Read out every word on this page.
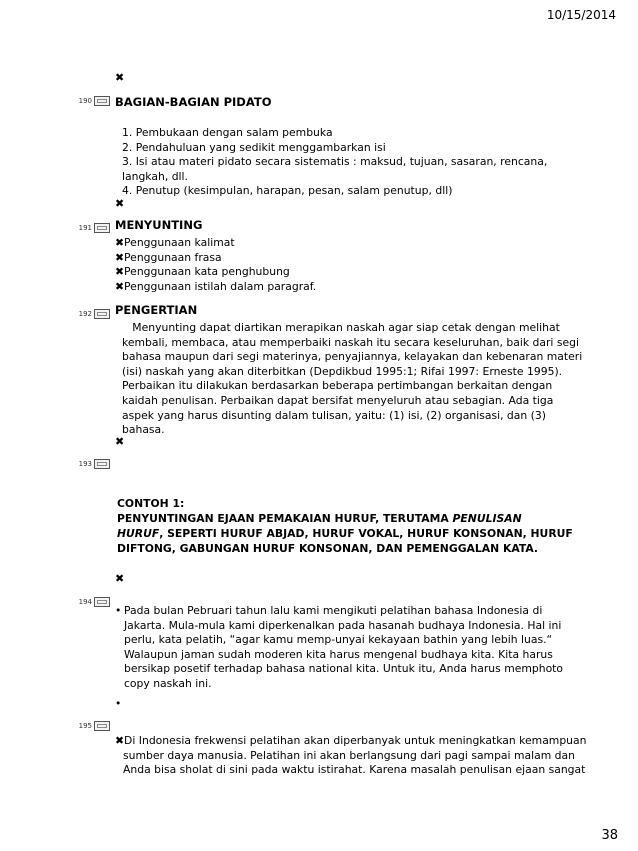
10/15/2014
38
✖
190 BAGIAN-BAGIAN PIDATO
1. Pembukaan dengan salam pembuka
2. Pendahuluan yang sedikit menggambarkan isi
3. Isi atau materi pidato secara sistematis : maksud, tujuan, sasaran, rencana,
langkah, dll.
4. Penutup (kesimpulan, harapan, pesan, salam penutup, dll)
✖
191 MENYUNTING
✖Penggunaan kalimat
✖Penggunaan frasa
✖Penggunaan kata penghubung
✖Penggunaan istilah dalam paragraf.
192 PENGERTIAN
Menyunting dapat diartikan merapikan naskah agar siap cetak dengan melihat
kembali, membaca, atau memperbaiki naskah itu secara keseluruhan, baik dari segi
bahasa maupun dari segi materinya, penyajiannya, kelayakan dan kebenaran materi
(isi) naskah yang akan diterbitkan (Depdikbud 1995:1; Rifai 1997: Erneste 1995).
Perbaikan itu dilakukan berdasarkan beberapa pertimbangan berkaitan dengan
kaidah penulisan. Perbaikan dapat bersifat menyeluruh atau sebagian. Ada tiga
aspek yang harus disunting dalam tulisan, yaitu: (1) isi, (2) organisasi, dan (3)
bahasa.
✖
193
CONTOH 1:
PENYUNTINGAN EJAAN PEMAKAIAN HURUF, TERUTAMA PENULISAN
HURUF, SEPERTI HURUF ABJAD, HURUF VOKAL, HURUF KONSONAN, HURUF
DIFTONG, GABUNGAN HURUF KONSONAN, DAN PEMENGGALAN KATA.
✖
194
• Pada bulan Pebruari tahun lalu kami mengikuti pelatihan bahasa Indonesia di
Jakarta. Mula-mula kami diperkenalkan pada hasanah budhaya Indonesia. Hal ini
perlu, kata pelatih, “agar kamu memp-unyai kekayaan bathin yang lebih luas.“
Walaupun jaman sudah moderen kita harus mengenal budhaya kita. Kita harus
bersikap posetif terhadap bahasa national kita. Untuk itu, Anda harus memphoto
copy naskah ini.
•
195
✖Di Indonesia frekwensi pelatihan akan diperbanyak untuk meningkatkan kemampuan
sumber daya manusia. Pelatihan ini akan berlangsung dari pagi sampai malam dan
Anda bisa sholat di sini pada waktu istirahat. Karena masalah penulisan ejaan sangat
